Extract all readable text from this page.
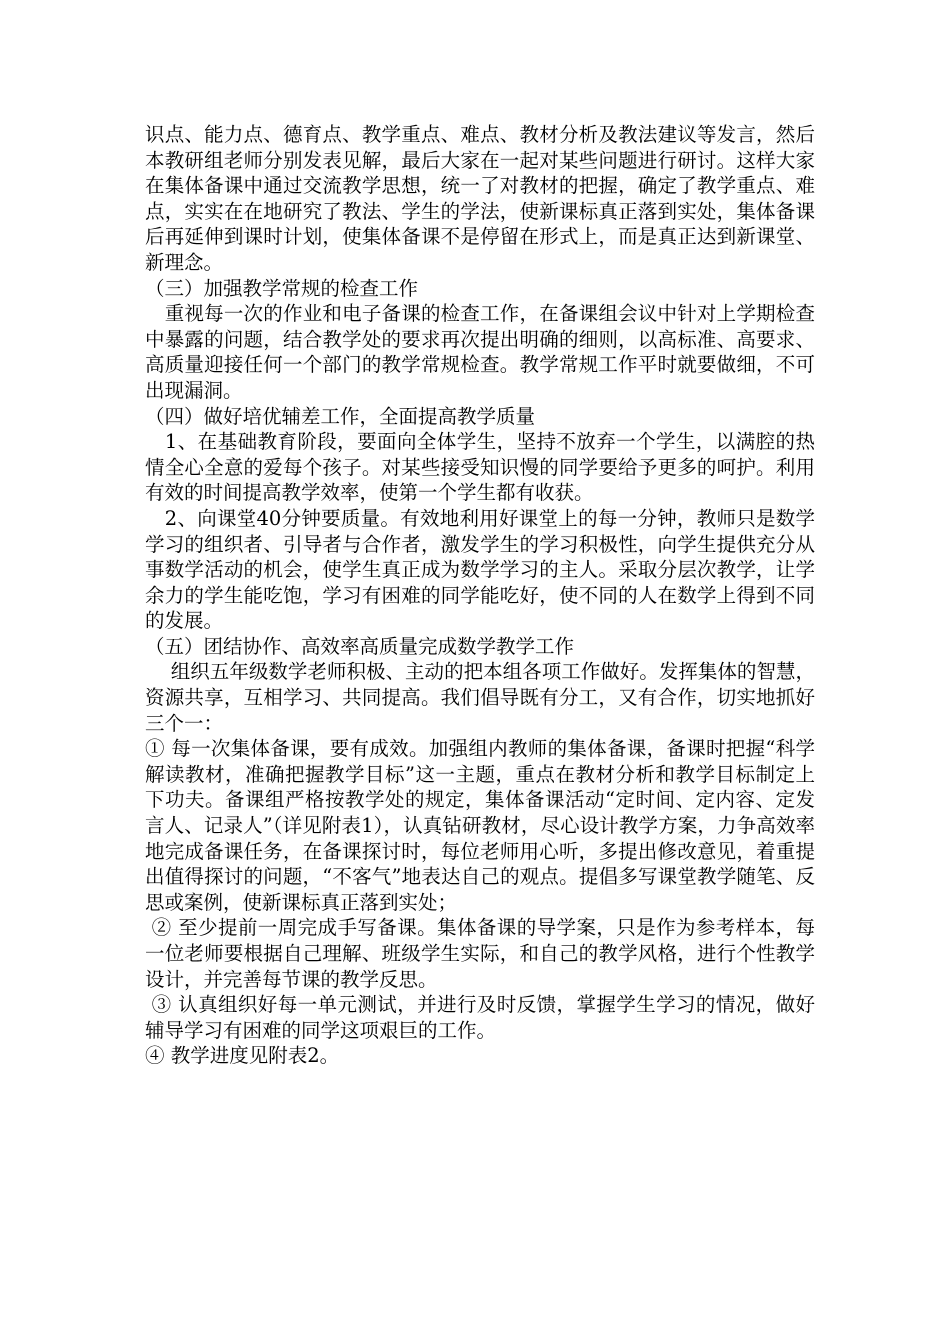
识点、能力点、德育点、教学重点、难点、教材分析及教法建议等发言，然后本教研组老师分别发表见解，最后大家在一起对某些问题进行研讨。这样大家在集体备课中通过交流教学思想，统一了对教材的把握，确定了教学重点、难点，实实在在地研究了教法、学生的学法，使新课标真正落到实处，集体备课后再延伸到课时计划，使集体备课不是停留在形式上，而是真正达到新课堂、新理念。

（三）加强教学常规的检查工作

　重视每一次的作业和电子备课的检查工作，在备课组会议中针对上学期检查中暴露的问题，结合教学处的要求再次提出明确的细则，以高标准、高要求、高质量迎接任何一个部门的教学常规检查。教学常规工作平时就要做细，不可出现漏洞。

（四）做好培优辅差工作，全面提高教学质量

　1、在基础教育阶段，要面向全体学生，坚持不放弃一个学生，以满腔的热情全心全意的爱每个孩子。对某些接受知识慢的同学要给予更多的呵护。利用有效的时间提高教学效率，使第一个学生都有收获。

　2、向课堂40分钟要质量。有效地利用好课堂上的每一分钟，教师只是数学学习的组织者、引导者与合作者，激发学生的学习积极性，向学生提供充分从事数学活动的机会，使学生真正成为数学学习的主人。采取分层次教学，让学余力的学生能吃饱，学习有困难的同学能吃好，使不同的人在数学上得到不同的发展。

（五）团结协作、高效率高质量完成数学教学工作

　 组织五年级数学老师积极、主动的把本组各项工作做好。发挥集体的智慧，资源共享，互相学习、共同提高。我们倡导既有分工，又有合作，切实地抓好三个一：

① 每一次集体备课，要有成效。加强组内教师的集体备课，备课时把握“科学解读教材，准确把握教学目标”这一主题，重点在教材分析和教学目标制定上下功夫。备课组严格按教学处的规定，集体备课活动“定时间、定内容、定发言人、记录人”（详见附表1），认真钻研教材，尽心设计教学方案，力争高效率地完成备课任务，在备课探讨时，每位老师用心听，多提出修改意见，着重提出值得探讨的问题，“不客气”地表达自己的观点。提倡多写课堂教学随笔、反思或案例，使新课标真正落到实处；

② 至少提前一周完成手写备课。集体备课的导学案，只是作为参考样本，每一位老师要根据自己理解、班级学生实际，和自己的教学风格，进行个性教学设计，并完善每节课的教学反思。

③ 认真组织好每一单元测试，并进行及时反馈，掌握学生学习的情况，做好辅导学习有困难的同学这项艰巨的工作。

④ 教学进度见附表2。
